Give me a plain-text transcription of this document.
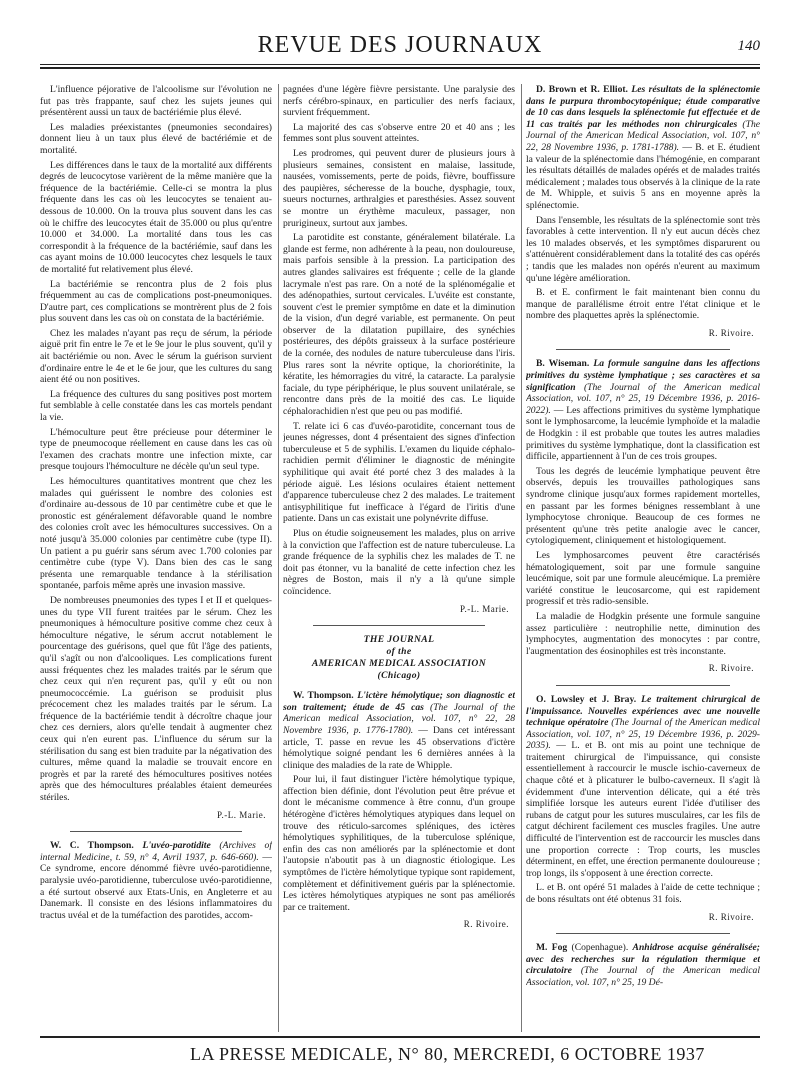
REVUE DES JOURNAUX	140

L'influence péjorative de l'alcoolisme sur l'évolution ne fut pas très frappante, sauf chez les sujets jeunes qui présentèrent aussi un taux de bactériémie plus élevé.

Les maladies préexistantes (pneumonies secondaires) donnent lieu à un taux plus élevé de bactériémie et de mortalité.

Les différences dans le taux de la mortalité aux différents degrés de leucocytose varièrent de la même manière que la fréquence de la bactériémie. Celle-ci se montra la plus fréquente dans les cas où les leucocytes se tenaient au-dessous de 10.000. On la trouva plus souvent dans les cas où le chiffre des leucocytes était de 35.000 ou plus qu'entre 10.000 et 34.000. La mortalité dans tous les cas correspondit à la fréquence de la bactériémie, sauf dans les cas ayant moins de 10.000 leucocytes chez lesquels le taux de mortalité fut relativement plus élevé.

La bactériémie se rencontra plus de 2 fois plus fréquemment au cas de complications post-pneumoniques. D'autre part, ces complications se montrèrent plus de 2 fois plus souvent dans les cas où on constata de la bactériémie.

Chez les malades n'ayant pas reçu de sérum, la période aiguë prit fin entre le 7e et le 9e jour le plus souvent, qu'il y ait bactériémie ou non. Avec le sérum la guérison survient d'ordinaire entre le 4e et le 6e jour, que les cultures du sang aient été ou non positives.

La fréquence des cultures du sang positives post mortem fut semblable à celle constatée dans les cas mortels pendant la vie.

L'hémoculture peut être précieuse pour déterminer le type de pneumocoque réellement en cause dans les cas où l'examen des crachats montre une infection mixte, car presque toujours l'hémoculture ne décèle qu'un seul type.

Les hémocultures quantitatives montrent que chez les malades qui guérissent le nombre des colonies est d'ordinaire au-dessous de 10 par centimètre cube et que le pronostic est généralement défavorable quand le nombre des colonies croît avec les hémocultures successives. On a noté jusqu'à 35.000 colonies par centimètre cube (type II). Un patient a pu guérir sans sérum avec 1.700 colonies par centimètre cube (type V). Dans bien des cas le sang présenta une remarquable tendance à la stérilisation spontanée, parfois même après une invasion massive.

De nombreuses pneumonies des types I et II et quelques-unes du type VII furent traitées par le sérum. Chez les pneumoniques à hémoculture positive comme chez ceux à hémoculture négative, le sérum accrut notablement le pourcentage des guérisons, quel que fût l'âge des patients, qu'il s'agît ou non d'alcooliques. Les complications furent aussi fréquentes chez les malades traités par le sérum que chez ceux qui n'en reçurent pas, qu'il y eût ou non pneumococcémie. La guérison se produisit plus précocement chez les malades traités par le sérum. La fréquence de la bactériémie tendit à décroître chaque jour chez ces derniers, alors qu'elle tendait à augmenter chez ceux qui n'en eurent pas. L'influence du sérum sur la stérilisation du sang est bien traduite par la négativation des cultures, même quand la maladie se trouvait encore en progrès et par la rareté des hémocultures positives notées après que des hémocultures préalables étaient demeurées stériles.

P.-L. Marie.

W. C. Thompson. L'uvéo-parotidite (Archives of internal Medicine, t. 59, n° 4, Avril 1937, p. 646-660). — Ce syndrome, encore dénommé fièvre uvéo-parotidienne, paralysie uvéo-parotidienne, tuberculose uvéo-parotidienne, a été surtout observé aux Etats-Unis, en Angleterre et au Danemark. Il consiste en des lésions inflammatoires du tractus uvéal et de la tuméfaction des parotides, accom-

pagnées d'une légère fièvre persistante. Une paralysie des nerfs cérébro-spinaux, en particulier des nerfs faciaux, survient fréquemment.

La majorité des cas s'observe entre 20 et 40 ans ; les femmes sont plus souvent atteintes.

Les prodromes, qui peuvent durer de plusieurs jours à plusieurs semaines, consistent en malaise, lassitude, nausées, vomissements, perte de poids, fièvre, bouffissure des paupières, sécheresse de la bouche, dysphagie, toux, sueurs nocturnes, arthralgies et paresthésies. Assez souvent se montre un érythème maculeux, passager, non prurigineux, surtout aux jambes.

La parotidite est constante, généralement bilatérale. La glande est ferme, non adhérente à la peau, non douloureuse, mais parfois sensible à la pression. La participation des autres glandes salivaires est fréquente ; celle de la glande lacrymale n'est pas rare. On a noté de la splénomégalie et des adénopathies, surtout cervicales. L'uvéite est constante, souvent c'est le premier symptôme en date et la diminution de la vision, d'un degré variable, est permanente. On peut observer de la dilatation pupillaire, des synéchies postérieures, des dépôts graisseux à la surface postérieure de la cornée, des nodules de nature tuberculeuse dans l'iris. Plus rares sont la névrite optique, la choriorétinite, la kératite, les hémorragies du vitré, la cataracte. La paralysie faciale, du type périphérique, le plus souvent unilatérale, se rencontre dans près de la moitié des cas. Le liquide céphalorachidien n'est que peu ou pas modifié.

T. relate ici 6 cas d'uvéo-parotidite, concernant tous de jeunes négresses, dont 4 présentaient des signes d'infection tuberculeuse et 5 de syphilis. L'examen du liquide céphalo-rachidien permit d'éliminer le diagnostic de méningite syphilitique qui avait été porté chez 3 des malades à la période aiguë. Les lésions oculaires étaient nettement d'apparence tuberculeuse chez 2 des malades. Le traitement antisyphilitique fut inefficace à l'égard de l'iritis d'une patiente. Dans un cas existait une polynévrite diffuse.

Plus on étudie soigneusement les malades, plus on arrive à la conviction que l'affection est de nature tuberculeuse. La grande fréquence de la syphilis chez les malades de T. ne doit pas étonner, vu la banalité de cette infection chez les nègres de Boston, mais il n'y a là qu'une simple coïncidence.

P.-L. Marie.

THE JOURNAL
of the
AMERICAN MEDICAL ASSOCIATION
(Chicago)

W. Thompson. L'ictère hémolytique; son diagnostic et son traitement; étude de 45 cas (The Journal of the American medical Association, vol. 107, n° 22, 28 Novembre 1936, p. 1776-1780). — Dans cet intéressant article, T. passe en revue les 45 observations d'ictère hémolytique soigné pendant les 6 dernières années à la clinique des maladies de la rate de Whipple.

Pour lui, il faut distinguer l'ictère hémolytique typique, affection bien définie, dont l'évolution peut être prévue et dont le mécanisme commence à être connu, d'un groupe hétérogène d'ictères hémolytiques atypiques dans lequel on trouve des réticulo-sarcomes spléniques, des ictères hémolytiques syphilitiques, de la tuberculose splénique, enfin des cas non améliorés par la splénectomie et dont l'autopsie n'aboutit pas à un diagnostic étiologique. Les symptômes de l'ictère hémolytique typique sont rapidement, complètement et définitivement guéris par la splénectomie. Les ictères hémolytiques atypiques ne sont pas améliorés par ce traitement.

R. Rivoire.

D. Brown et R. Elliot. Les résultats de la splénectomie dans le purpura thrombocytopénique; étude comparative de 10 cas dans lesquels la splénectomie fut effectuée et de 11 cas traités par les méthodes non chirurgicales (The Journal of the American Medical Association, vol. 107, n° 22, 28 Novembre 1936, p. 1781-1788). — B. et E. étudient la valeur de la splénectomie dans l'hémogénie, en comparant les résultats détaillés de malades opérés et de malades traités médicalement ; malades tous observés à la clinique de la rate de M. Whipple, et suivis 5 ans en moyenne après la splénectomie.

Dans l'ensemble, les résultats de la splénectomie sont très favorables à cette intervention. Il n'y eut aucun décès chez les 10 malades observés, et les symptômes disparurent ou s'atténuèrent considérablement dans la totalité des cas opérés ; tandis que les malades non opérés n'eurent au maximum qu'une légère amélioration.

B. et E. confirment le fait maintenant bien connu du manque de parallélisme étroit entre l'état clinique et le nombre des plaquettes après la splénectomie.

R. Rivoire.

B. Wiseman. La formule sanguine dans les affections primitives du système lymphatique ; ses caractères et sa signification (The Journal of the American medical Association, vol. 107, n° 25, 19 Décembre 1936, p. 2016-2022). — Les affections primitives du système lymphatique sont le lymphosarcome, la leucémie lymphoïde et la maladie de Hodgkin : il est probable que toutes les autres maladies primitives du système lymphatique, dont la classification est difficile, appartiennent à l'un de ces trois groupes.

Tous les degrés de leucémie lymphatique peuvent être observés, depuis les trouvailles pathologiques sans syndrome clinique jusqu'aux formes rapidement mortelles, en passant par les formes bénignes ressemblant à une lymphocytose chronique. Beaucoup de ces formes ne présentent qu'une très petite analogie avec le cancer, cytologiquement, cliniquement et histologiquement.

Les lymphosarcomes peuvent être caractérisés hématologiquement, soit par une formule sanguine leucémique, soit par une formule aleucémique. La première variété constitue le leucosarcome, qui est rapidement progressif et très radio-sensible.

La maladie de Hodgkin présente une formule sanguine assez particulière : neutrophilie nette, diminution des lymphocytes, augmentation des monocytes : par contre, l'augmentation des éosinophiles est très inconstante.

R. Rivoire.

O. Lowsley et J. Bray. Le traitement chirurgical de l'impuissance. Nouvelles expériences avec une nouvelle technique opératoire (The Journal of the American medical Association, vol. 107, n° 25, 19 Décembre 1936, p. 2029-2035). — L. et B. ont mis au point une technique de traitement chirurgical de l'impuissance, qui consiste essentiellement à raccourcir le muscle ischio-caverneux de chaque côté et à plicaturer le bulbo-caverneux. Il s'agit là évidemment d'une intervention délicate, qui a été très simplifiée lorsque les auteurs eurent l'idée d'utiliser des rubans de catgut pour les sutures musculaires, car les fils de catgut déchirent facilement ces muscles fragiles. Une autre difficulté de l'intervention est de raccourcir les muscles dans une proportion correcte : Trop courts, les muscles déterminent, en effet, une érection permanente douloureuse ; trop longs, ils s'opposent à une érection correcte.

L. et B. ont opéré 51 malades à l'aide de cette technique ; de bons résultats ont été obtenus 31 fois.

R. Rivoire.

M. Fog (Copenhague). Anhidrose acquise généralisée; avec des recherches sur la régulation thermique et circulatoire (The Journal of the American medical Association, vol. 107, n° 25, 19 Dé-

LA PRESSE MEDICALE, N° 80, MERCREDI, 6 OCTOBRE 1937
